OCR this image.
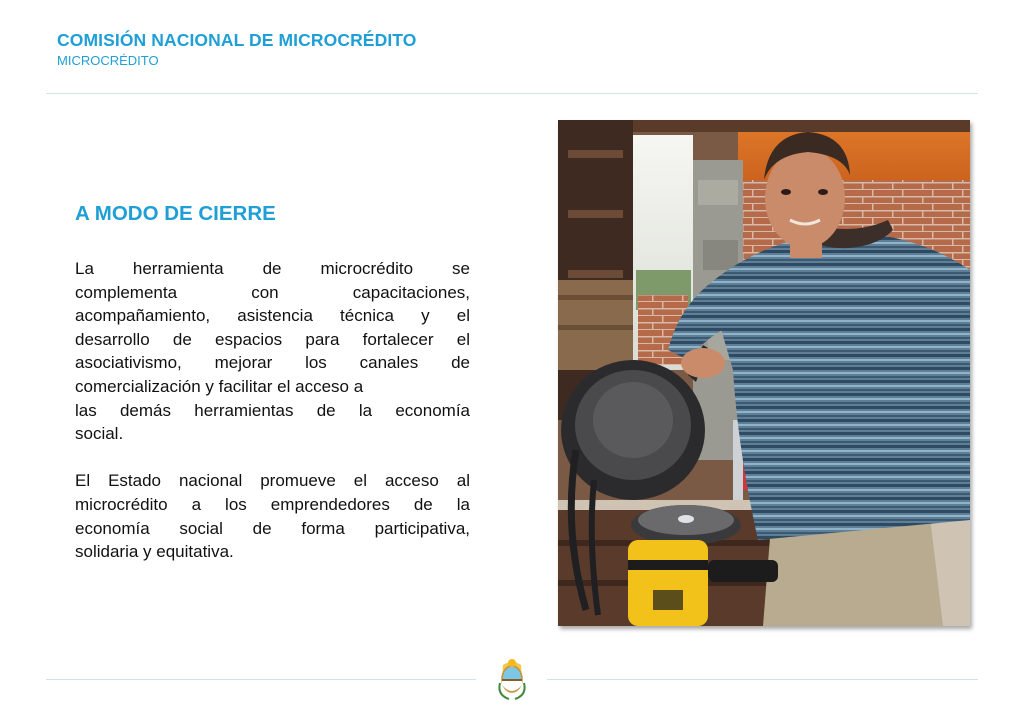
COMISIÓN NACIONAL DE MICROCRÉDITO
MICROCRÉDITO
A MODO DE CIERRE

La herramienta de microcrédito se
complementa con capacitaciones,
acompañamiento, asistencia técnica y el
desarrollo de espacios para fortalecer el
asociativismo, mejorar los canales de
comercialización y facilitar el acceso a
las demás herramientas de la economía
social.

El Estado nacional promueve el acceso al
microcrédito a los emprendedores de la
economía social de forma participativa,
solidaria y equitativa.
